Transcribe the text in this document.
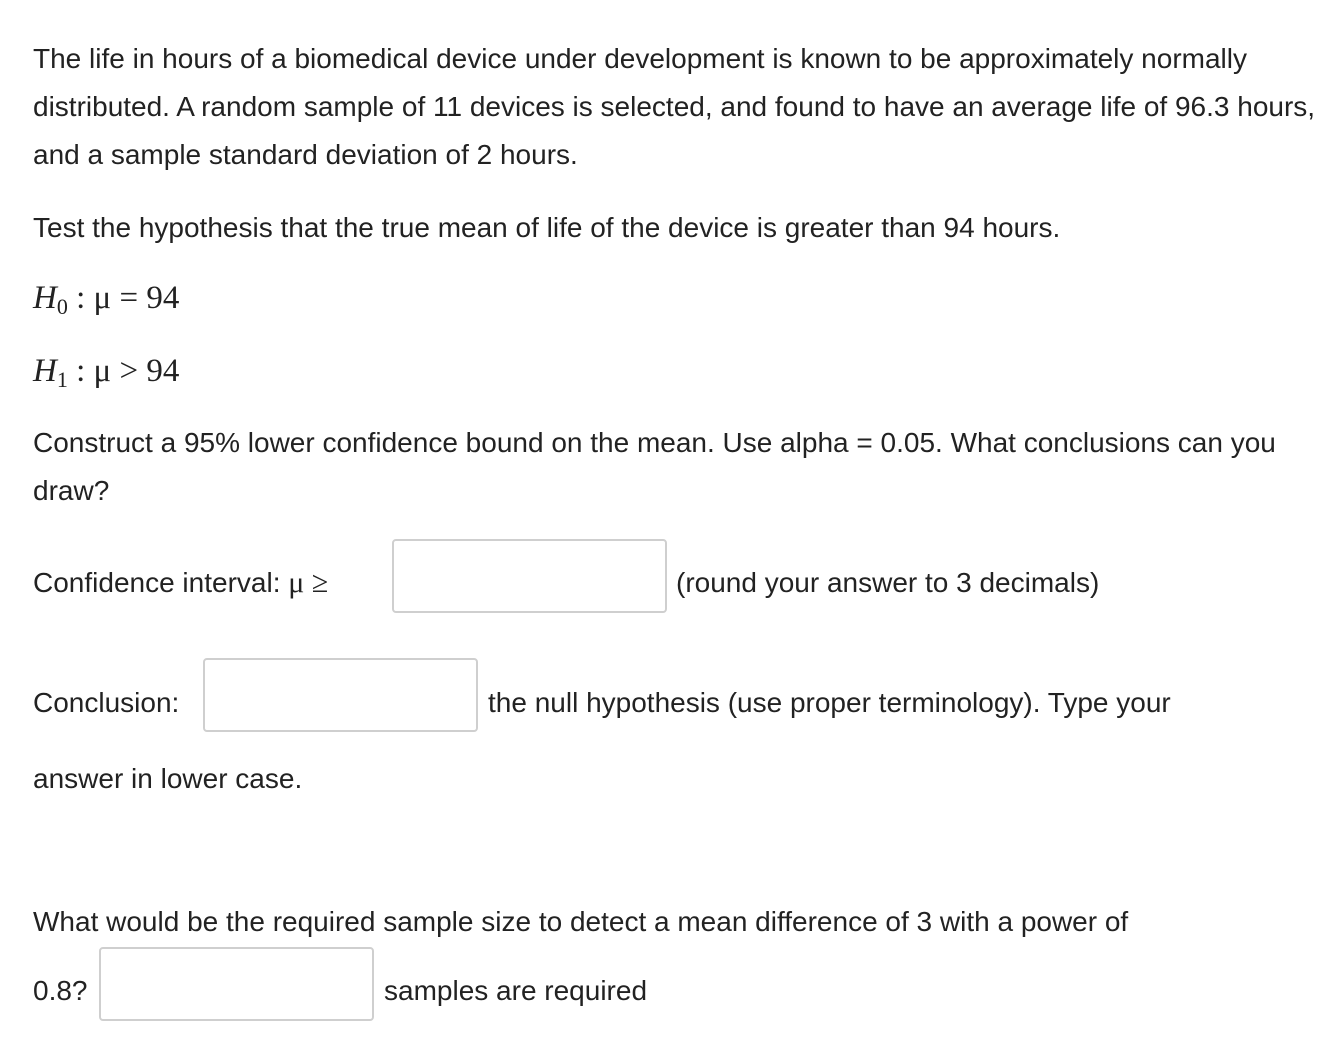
The life in hours of a biomedical device under development is known to be approximately normally distributed. A random sample of 11 devices is selected, and found to have an average life of 96.3 hours, and a sample standard deviation of 2 hours.
Test the hypothesis that the true mean of life of the device is greater than 94 hours.
$H_0$ : μ = 94
$H_1$ : μ > 94
Construct a 95% lower confidence bound on the mean. Use alpha = 0.05. What conclusions can you draw?
Confidence interval: μ ≥	(round your answer to 3 decimals)
Conclusion:	the null hypothesis (use proper terminology). Type your
answer in lower case.
What would be the required sample size to detect a mean difference of 3 with a power of
0.8?	samples are required
